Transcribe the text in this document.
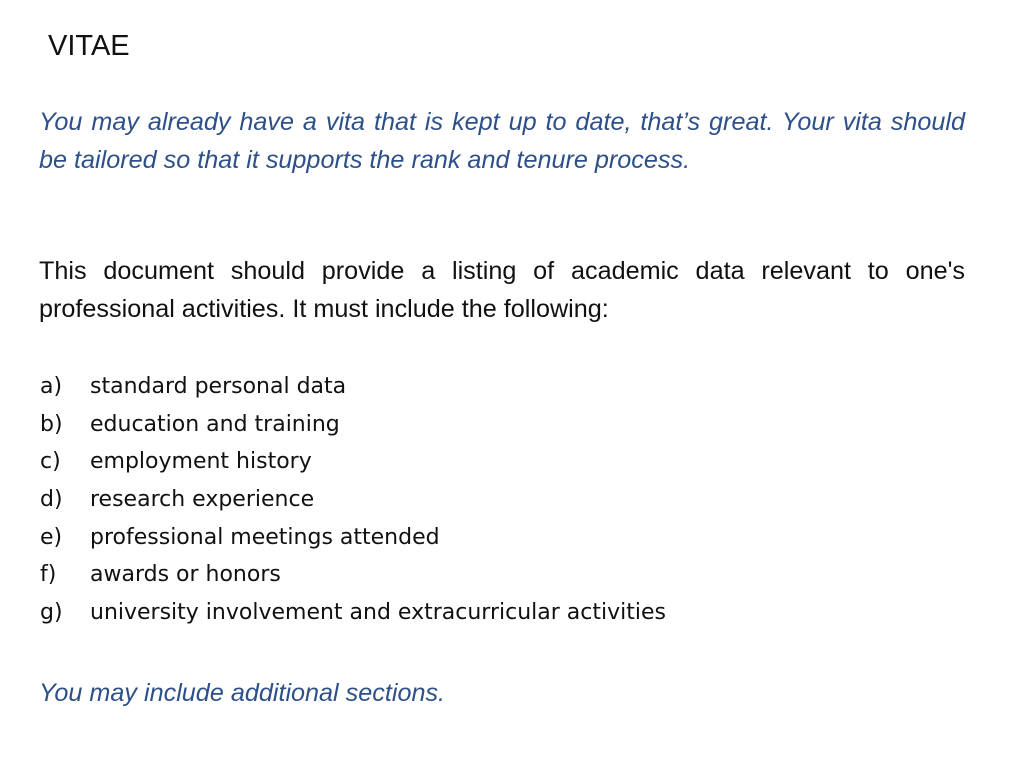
VITAE

You may already have a vita that is kept up to date, that’s great. Your vita should be tailored so that it supports the rank and tenure process.

This document should provide a listing of academic data relevant to one's professional activities. It must include the following:

a) standard personal data
b) education and training
c) employment history
d) research experience
e) professional meetings attended
f) awards or honors
g) university involvement and extracurricular activities

You may include additional sections.
